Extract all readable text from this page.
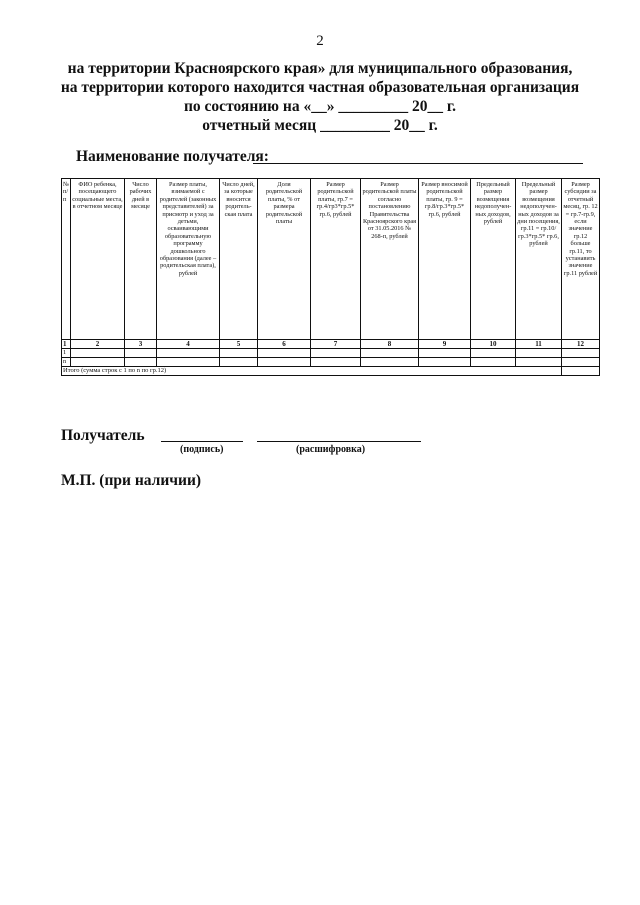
2
на территории Красноярского края» для муниципального образования,
на территории которого находится частная образовательная организация
по состоянию на «__» _________ 20__ г.
отчетный месяц _________ 20__ г.
Наименование получателя:
№ п/п	ФИО ребенка, посещающего социальные места, в отчетном месяце	Число рабочих дней в месяце	Размер платы, взимаемой с родителей (законных представителей) за присмотр и уход за детьми, осваивающими образовательную программу дошкольного образования (далее – родительская плата), рублей	Число дней, за которые вносится родитель-ская плата	Доля родительской платы, % от размера родительской платы	Размер родительской платы, гр.7 = гр.4/гр3*гр.5* гр.6, рублей	Размер родительской платы согласно постановлению Правительства Красноярского края от 31.05.2016 № 268-п, рублей	Размер вносимой родительской платы, гр. 9 = гр.8/гр.3*гр.5* гр.6, рублей	Предельный размер возмещения недополучен-ных доходов, рублей	Предельный размер возмещения недополучен-ных доходов за дни посещения, гр.11 = гр.10/ гр.3*гр.5* гр.6, рублей	Размер субсидии за отчетный месяц, гр. 12 = гр.7-гр.9, если значение гр.12 больше гр.11, то устанавить значение гр.11 рублей
1	2	3	4	5	6	7	8	9	10	11	12
1											
n											
Итого (сумма строк с 1 по n по гр.12)											
Получатель
(подпись)	(расшифровка)
М.П. (при наличии)
